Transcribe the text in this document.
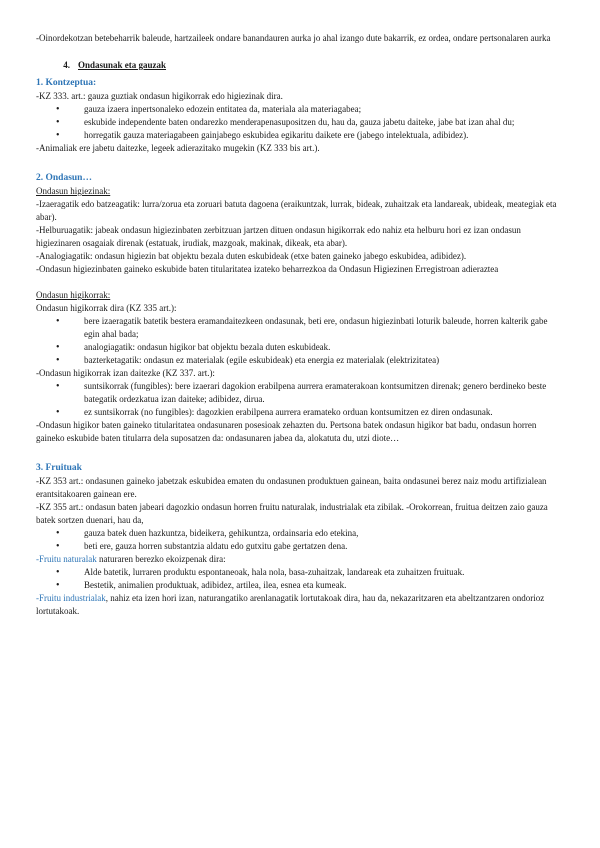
-Oinordekotzan betebeharrik baleude, hartzaileek ondare banandauren aurka jo ahal izango dute bakarrik, ez ordea, ondare pertsonalaren aurka

4. Ondasunak eta gauzak
1. Kontzeptua:

-KZ 333. art.: gauza guztiak ondasun higikorrak edo higiezinak dira.

• gauza izaera inpertsonaleko edozein entitatea da, materiala ala materiagabea;
• eskubide independente baten ondarezko menderapenasupositzen du, hau da, gauza jabetu daiteke, jabe bat izan ahal du;
• horregatik gauza materiagabeen gainjabego eskubidea egikaritu daikete ere (jabego intelektuala, adibidez).

-Animaliak ere jabetu daitezke, legeek adierazitako mugekin (KZ 333 bis art.).

2. Ondasun…

Ondasun higiezinak:

-Izaeragatik edo batzeagatik: lurra/zoruа eta zoruari batuta dagoena (eraikuntzak, lurrak, bideak, zuhaitzak eta landareak, ubideak, meategiak eta abar).

-Helburuagatik: jabeak ondasun higiezinbaten zerbitzuan jartzen dituen ondasun higikorrak edo nahiz eta helburu hori ez izan ondasun higiezinaren osagaiak direnak (estatuak, irudiak, mazgoak, makinak, dikeak, eta abar).

-Analogiagatik: ondasun higiezin bat objektu bezala duten eskubideak (etxe baten gaineko jabego eskubidea, adibidez).

-Ondasun higiezinbaten gaineko eskubide baten titularitatea izateko beharrezkoa da Ondasun Higiezinen Erregistroan adieraztea

Ondasun higikorrak:

Ondasun higikorrak dira (KZ 335 art.):

• bere izaeragatik batetik bestera eramandaitezkeen ondasunak, beti ere, ondasun higiezinbati loturik baleude, horren kalterik gabe egin ahal bada;
• analogiagatik: ondasun higikor bat objektu bezala duten eskubideak.
• bazterketagatik: ondasun ez materialak (egile eskubideak) eta energia ez materialak (elektrizitatea)

-Ondasun higikorrak izan daitezke (KZ 337. art.):

• suntsikorrak (fungibles): bere izaerari dagokion erabilpena aurrera eramaterakoan kontsumitzen direnak; genero berdineko beste bategatik ordezkatua izan daiteke; adibidez, dirua.
• ez suntsikorrak (no fungibles): dagozkien erabilpena aurrera eramateko orduan kontsumitzen ez diren ondasunak.

-Ondasun higikor baten gaineko titularitatea ondasunaren posesioak zehazten du. Pertsona batek ondasun higikor bat badu, ondasun horren gaineko eskubide baten titularra dela suposatzen da: ondasunaren jabea da, alokatuta du, utzi diote…

3. Fruituak

-KZ 353 art.: ondasunen gaineko jabetzak eskubidea ematen du ondasunen produktuen gainean, baita ondasunei berez naiz modu artifizialean erantsitakoaren gainean ere.

-KZ 355 art.: ondasun baten jabeari dagozkio ondasun horren fruitu naturalak, industrialak eta zibilak. -Orokorrean, fruitua deitzen zaio gauza batek sortzen duenari, hau da,

• gauza batek duen hazkuntza, bideikета, gehikuntza, ordainsaria edo etekina,
• beti ere, gauza horren substantzia aldatu edo gutxitu gabe gertatzen dena.

-Fruitu naturalak naturaren berezko ekoizpenak dira:

• Alde batetik, lurraren produktu espontaneoak, hala nola, basa-zuhaitzak, landareak eta zuhaitzen fruituak.
• Bestetik, animalien produktuak, adibidez, artilea, ilea, esnea eta kumeak.

-Fruitu industrialak, nahiz eta izen hori izan, naturangatiko arenlanagatik lortutakoak dira, hau da, nekazaritzaren eta abeltzantzaren ondorioz lortutakoak.
